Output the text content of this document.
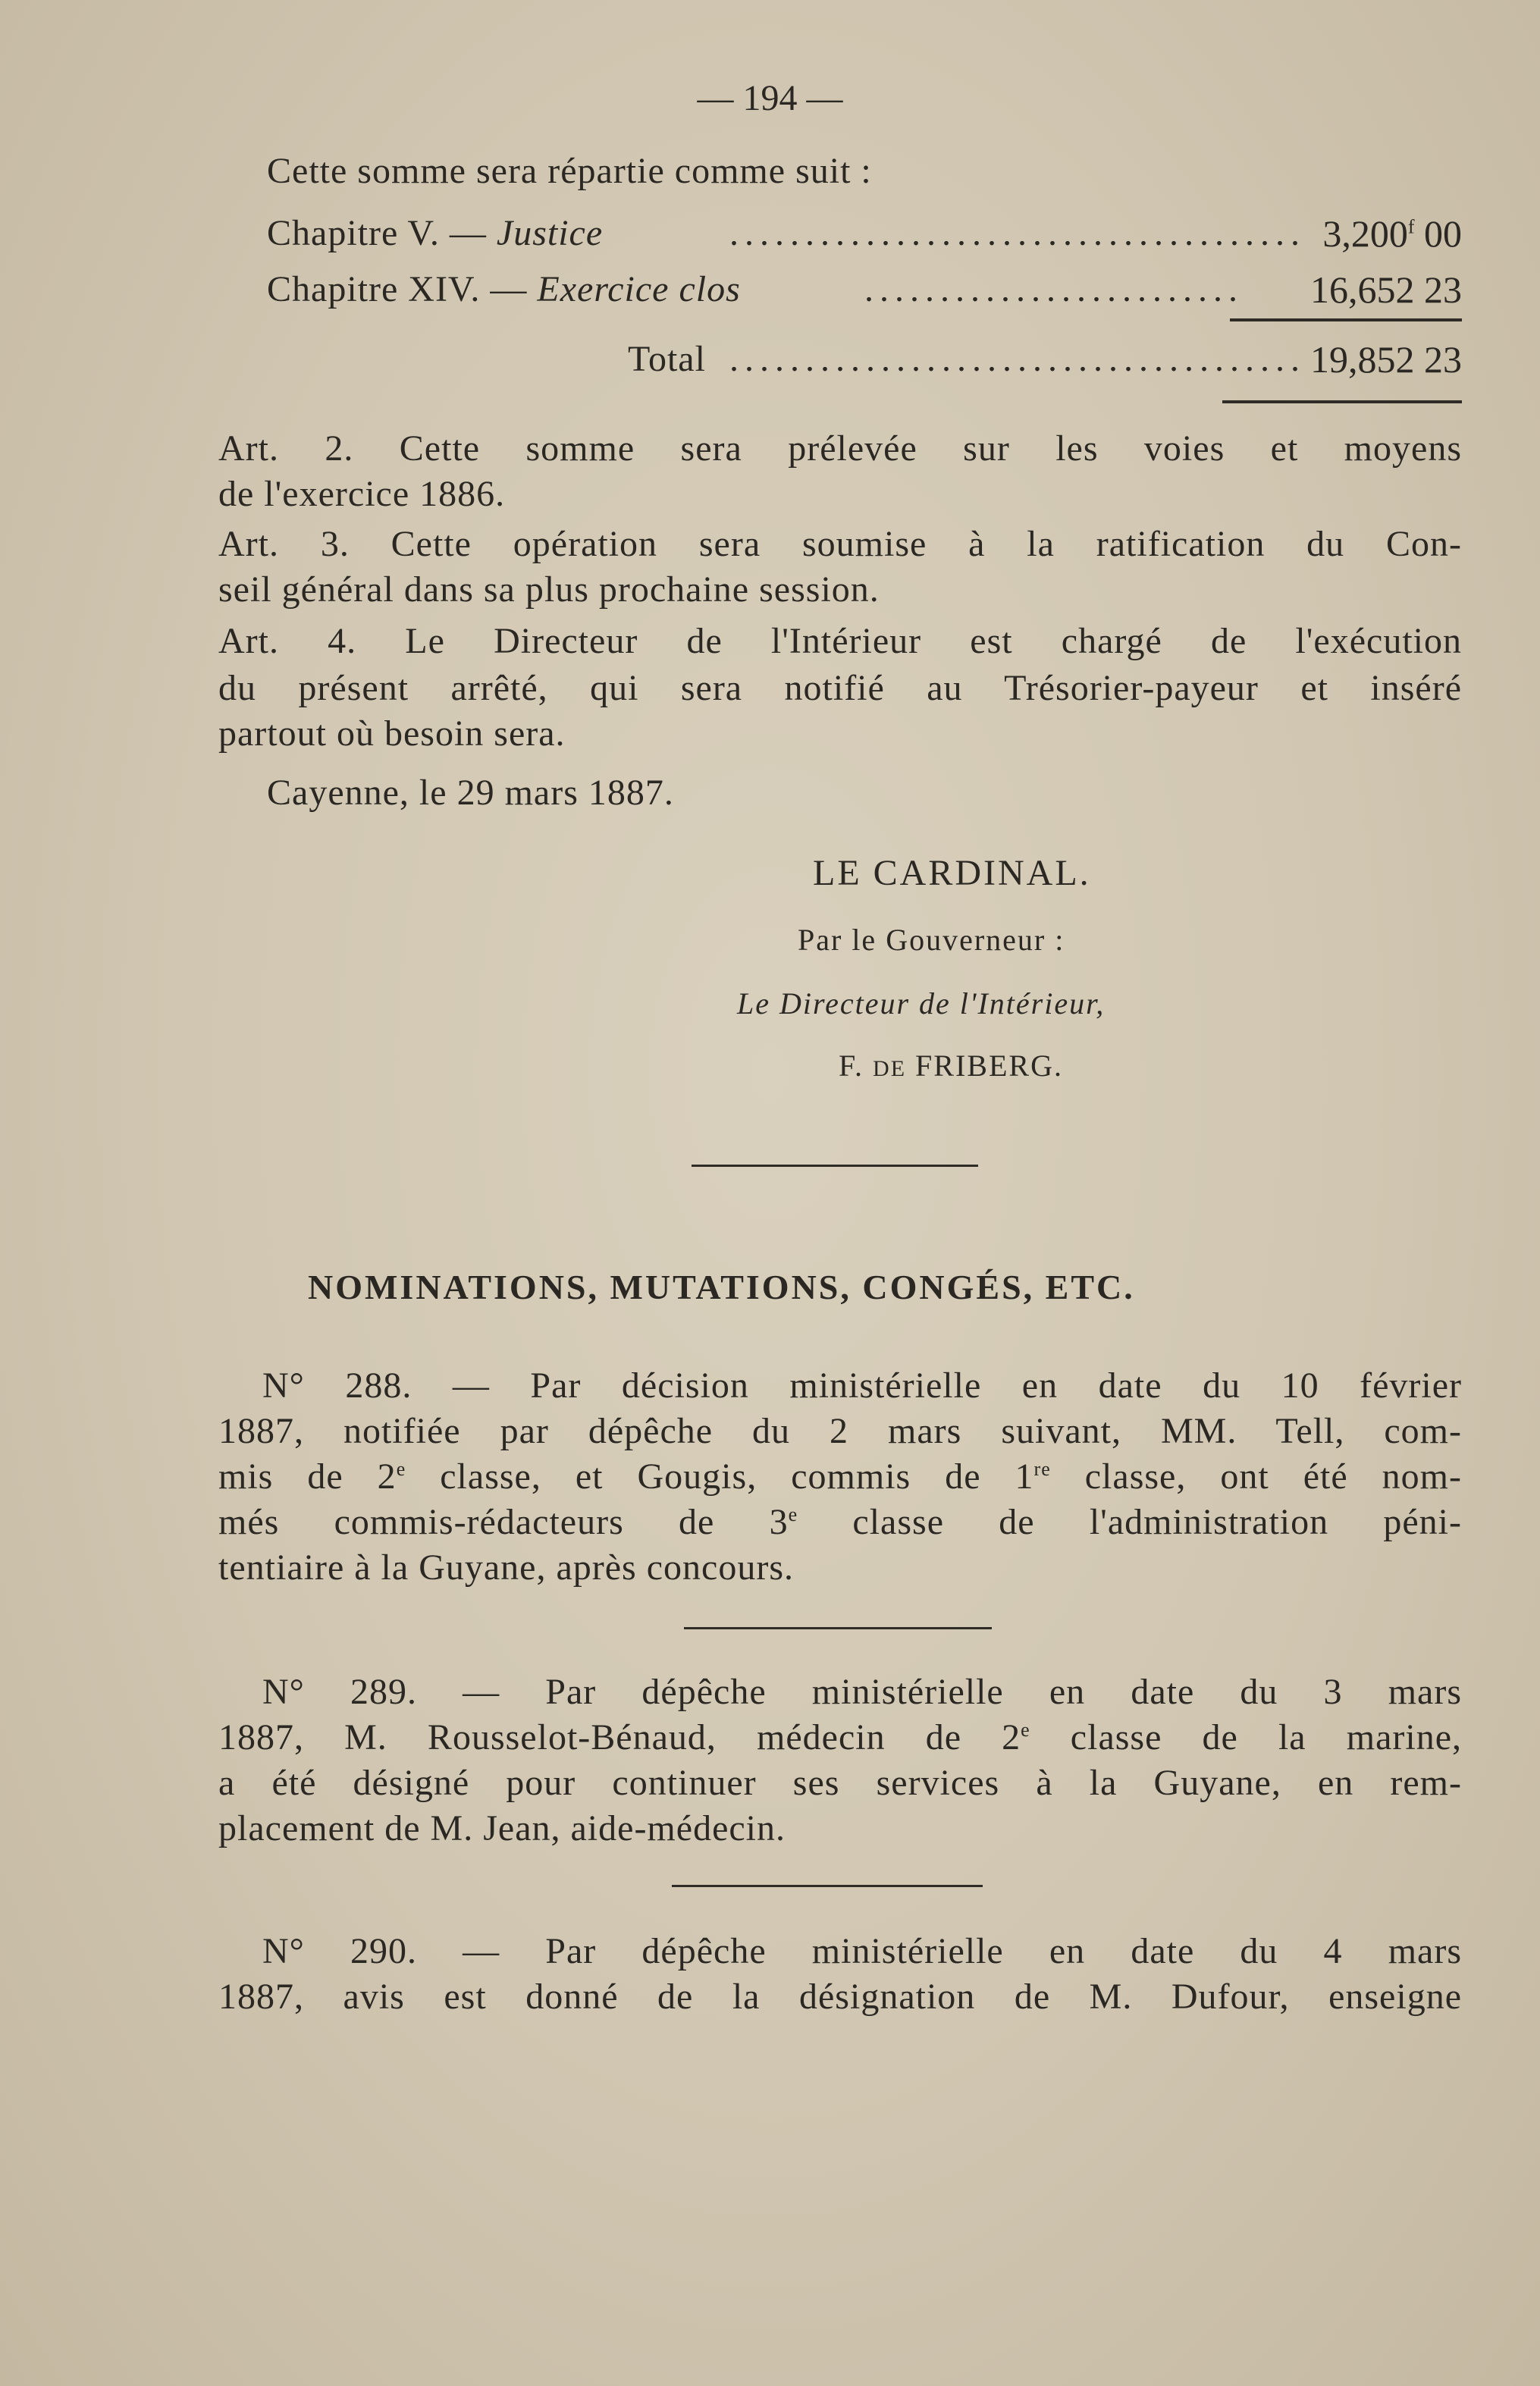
— 194 —
Cette somme sera répartie comme suit :
Chapitre V. — Justice	...................................... 3,200$^f$ 00
Chapitre XIV. — Exercice clos	.........................	16,652 23
Total ...................................... 19,852 23
Art. 2. Cette somme sera prélevée sur les voies et moyens
de l'exercice 1886.
Art. 3. Cette opération sera soumise à la ratification du Con-
seil général dans sa plus prochaine session.
Art. 4. Le Directeur de l'Intérieur est chargé de l'exécution
du présent arrêté, qui sera notifié au Trésorier-payeur et inséré
partout où besoin sera.
Cayenne, le 29 mars 1887.
LE CARDINAL.
Par le Gouverneur :
Le Directeur de l'Intérieur,
F. DE FRIBERG.
NOMINATIONS, MUTATIONS, CONGÉS, ETC.
N° 288. — Par décision ministérielle en date du 10 février
1887, notifiée par dépêche du 2 mars suivant, MM. Tell, com-
mis de 2e classe, et Gougis, commis de 1re classe, ont été nom-
més commis-rédacteurs de 3e classe de l'administration péni-
tentiaire à la Guyane, après concours.
N° 289. — Par dépêche ministérielle en date du 3 mars
1887, M. Rousselot-Bénaud, médecin de 2e classe de la marine,
a été désigné pour continuer ses services à la Guyane, en rem-
placement de M. Jean, aide-médecin.
N° 290. — Par dépêche ministérielle en date du 4 mars
1887, avis est donné de la désignation de M. Dufour, enseigne
